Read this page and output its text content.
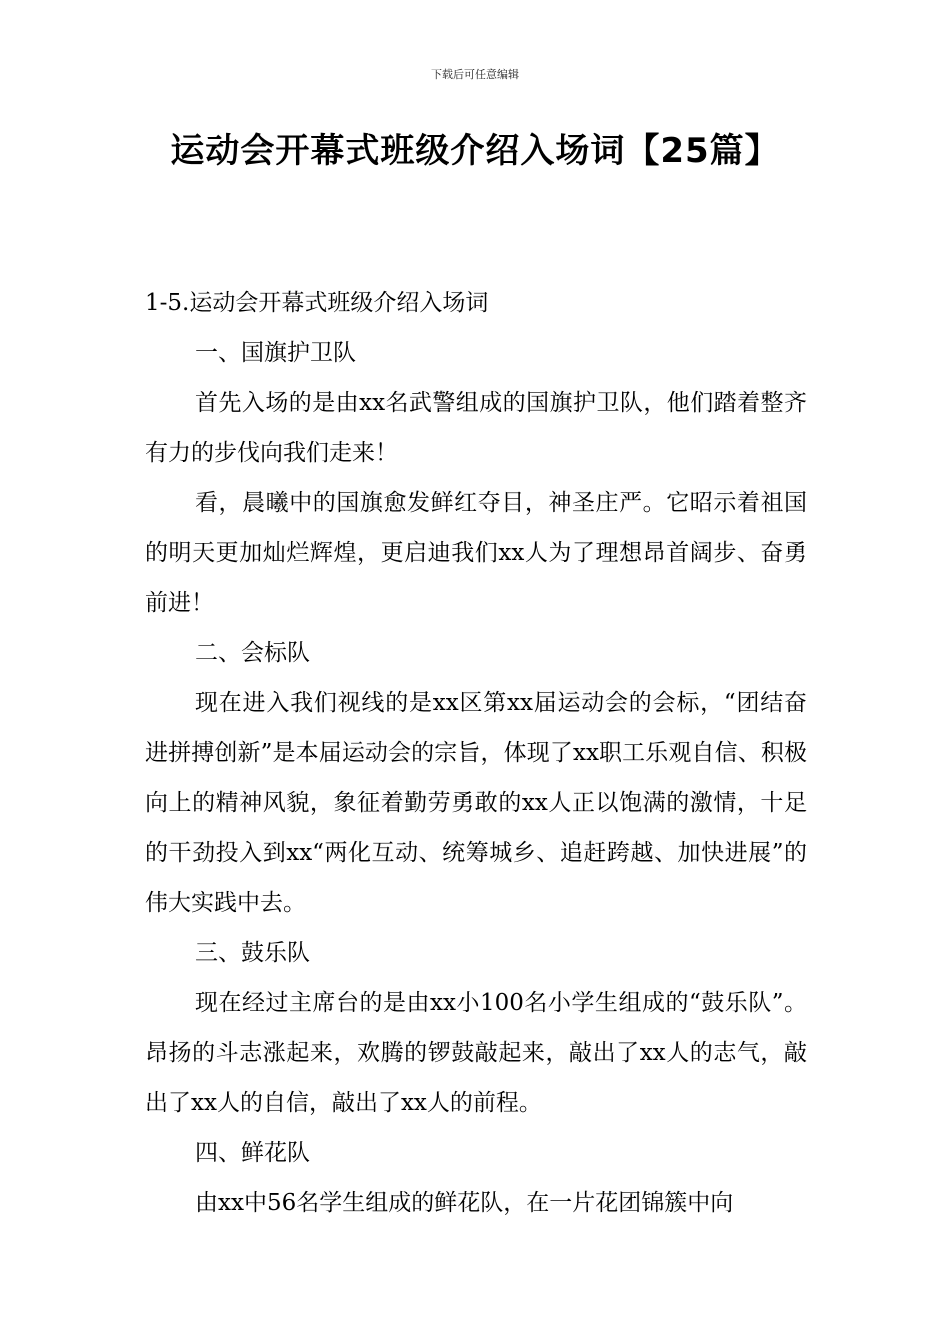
下载后可任意编辑
运动会开幕式班级介绍入场词【25篇】

1-5.运动会开幕式班级介绍入场词

一、国旗护卫队

首先入场的是由xx名武警组成的国旗护卫队，他们踏着整齐有力的步伐向我们走来！

看，晨曦中的国旗愈发鲜红夺目，神圣庄严。它昭示着祖国的明天更加灿烂辉煌，更启迪我们xx人为了理想昂首阔步、奋勇前进！

二、会标队

现在进入我们视线的是xx区第xx届运动会的会标，“团结奋进拼搏创新”是本届运动会的宗旨，体现了xx职工乐观自信、积极向上的精神风貌，象征着勤劳勇敢的xx人正以饱满的激情，十足的干劲投入到xx“两化互动、统筹城乡、追赶跨越、加快进展”的伟大实践中去。

三、鼓乐队

现在经过主席台的是由xx小100名小学生组成的“鼓乐队”。昂扬的斗志涨起来，欢腾的锣鼓敲起来，敲出了xx人的志气，敲出了xx人的自信，敲出了xx人的前程。

四、鲜花队

由xx中56名学生组成的鲜花队，在一片花团锦簇中向
